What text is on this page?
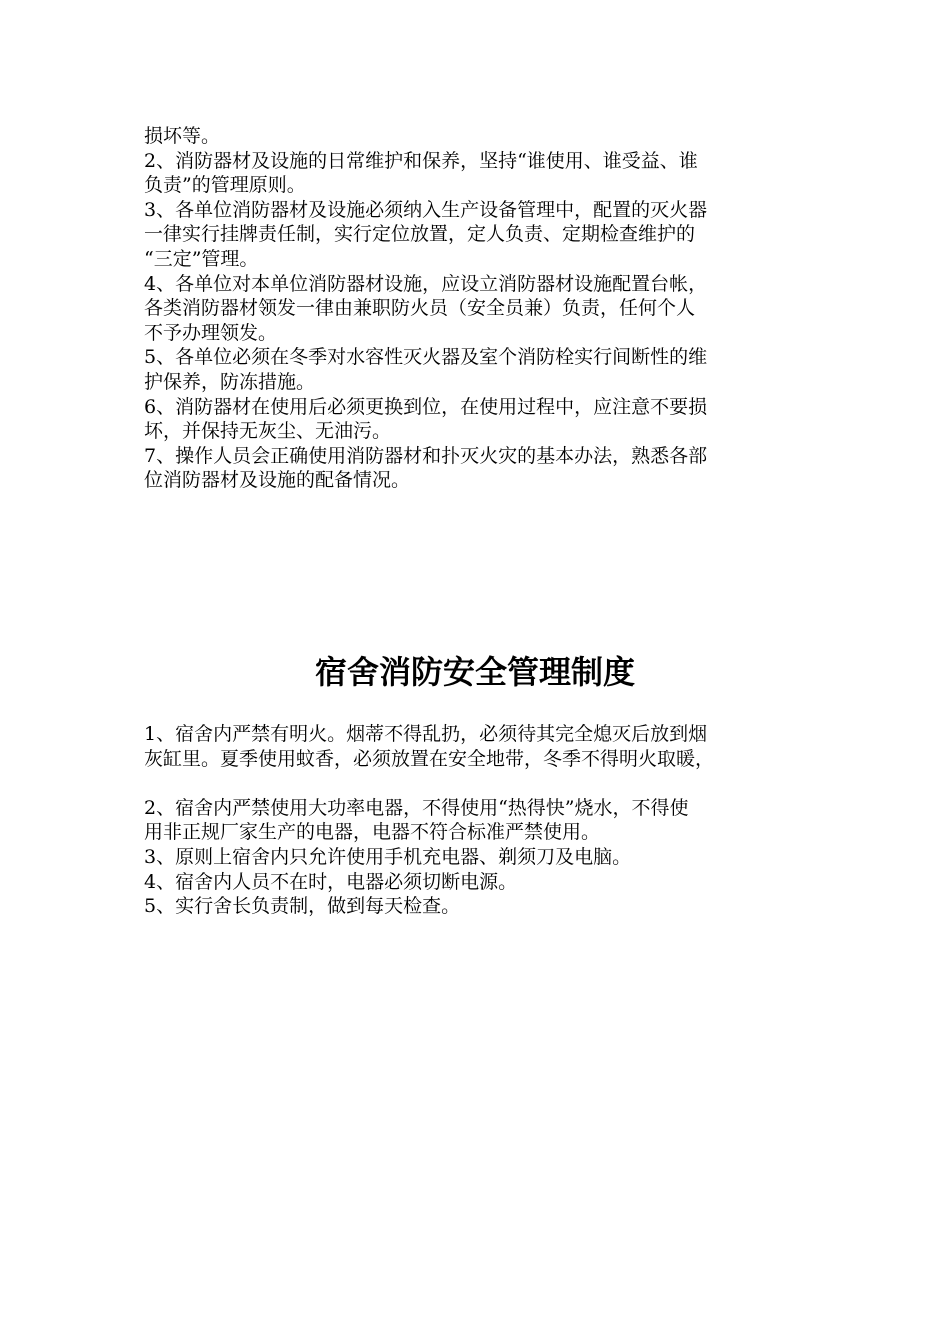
损坏等。
2、消防器材及设施的日常维护和保养，坚持“谁使用、谁受益、谁
负责”的管理原则。
3、各单位消防器材及设施必须纳入生产设备管理中，配置的灭火器
一律实行挂牌责任制，实行定位放置，定人负责、定期检查维护的
“三定”管理。
4、各单位对本单位消防器材设施，应设立消防器材设施配置台帐，
各类消防器材领发一律由兼职防火员（安全员兼）负责，任何个人
不予办理领发。
5、各单位必须在冬季对水容性灭火器及室个消防栓实行间断性的维
护保养，防冻措施。
6、消防器材在使用后必须更换到位，在使用过程中，应注意不要损
坏，并保持无灰尘、无油污。
7、操作人员会正确使用消防器材和扑灭火灾的基本办法，熟悉各部
位消防器材及设施的配备情况。
宿舍消防安全管理制度
1、宿舍内严禁有明火。烟蒂不得乱扔，必须待其完全熄灭后放到烟
灰缸里。夏季使用蚊香，必须放置在安全地带，冬季不得明火取暖，
2、宿舍内严禁使用大功率电器，不得使用“热得快”烧水，不得使
用非正规厂家生产的电器，电器不符合标准严禁使用。
3、原则上宿舍内只允许使用手机充电器、剃须刀及电脑。
4、宿舍内人员不在时，电器必须切断电源。
5、实行舍长负责制，做到每天检查。
